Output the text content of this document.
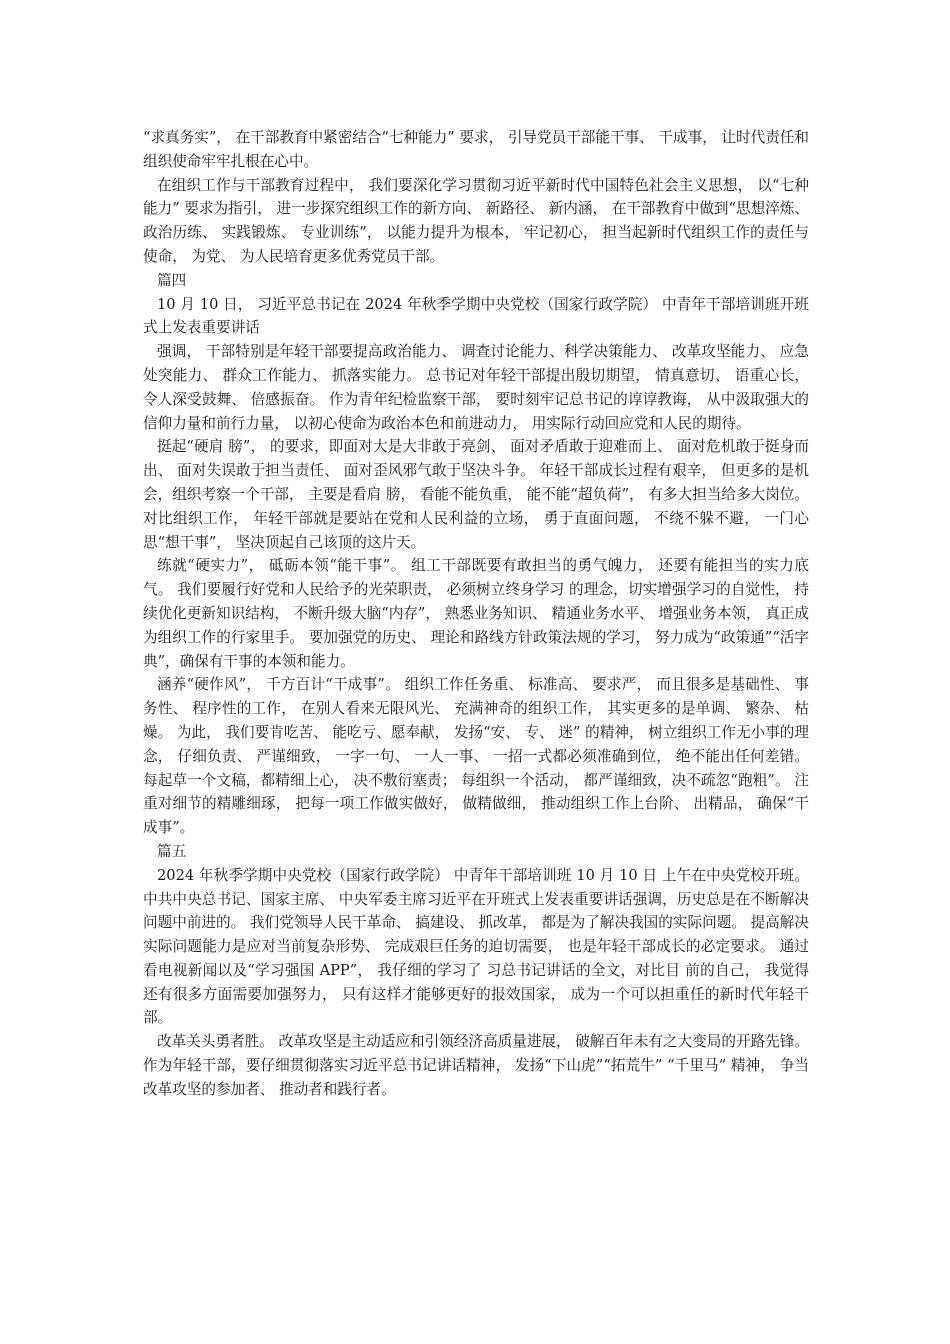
“求真务实”， 在干部教育中紧密结合“七种能力” 要求， 引导党员干部能干事、 干成事， 让时代责任和组织使命牢牢扎根在心中。

在组织工作与干部教育过程中， 我们要深化学习贯彻习近平新时代中国特色社会主义思想， 以“七种能力” 要求为指引， 进一步探究组织工作的新方向、 新路径、 新内涵， 在干部教育中做到“思想淬炼、 政治历练、 实践锻炼、 专业训练”， 以能力提升为根本， 牢记初心， 担当起新时代组织工作的责任与使命， 为党、 为人民培育更多优秀党员干部。

篇四

10 月 10 日， 习近平总书记在 2024 年秋季学期中央党校（国家行政学院） 中青年干部培训班开班式上发表重要讲话

强调， 干部特别是年轻干部要提高政治能力、 调查讨论能力、科学决策能力、 改革攻坚能力、 应急处突能力、 群众工作能力、 抓落实能力。 总书记对年轻干部提出殷切期望， 情真意切、 语重心长， 令人深受鼓舞、 倍感振奋。 作为青年纪检监察干部， 要时刻牢记总书记的谆谆教诲， 从中汲取强大的信仰力量和前行力量， 以初心使命为政治本色和前进动力， 用实际行动回应党和人民的期待。

挺起“硬肩 膀”， 的要求，即面对大是大非敢于亮剑、 面对矛盾敢于迎难而上、 面对危机敢于挺身而出、 面对失误敢于担当责任、 面对歪风邪气敢于坚决斗争。 年轻干部成长过程有艰辛， 但更多的是机会，组织考察一个干部， 主要是看肩 膀， 看能不能负重， 能不能“超负荷”， 有多大担当给多大岗位。 对比组织工作， 年轻干部就是要站在党和人民利益的立场， 勇于直面问题， 不绕不躲不避， 一门心思“想干事”， 坚决顶起自己该顶的这片天。

练就“硬实力”， 砥砺本领“能干事”。 组工干部既要有敢担当的勇气魄力， 还要有能担当的实力底气。 我们要履行好党和人民给予的光荣职责， 必须树立终身学习 的理念，切实增强学习的自觉性， 持续优化更新知识结构， 不断升级大脑“内存”， 熟悉业务知识、 精通业务水平、 增强业务本领， 真正成为组织工作的行家里手。 要加强党的历史、 理论和路线方针政策法规的学习， 努力成为“政策通”“活字典”，确保有干事的本领和能力。

涵养“硬作风”， 千方百计“干成事”。 组织工作任务重、 标准高、 要求严， 而且很多是基础性、 事务性、 程序性的工作， 在别人看来无限风光、 充满神奇的组织工作， 其实更多的是单调、 繁杂、 枯燥。 为此， 我们要肯吃苦、 能吃亏、愿奉献， 发扬“安、 专、 迷” 的精神， 树立组织工作无小事的理念， 仔细负责、 严谨细致， 一字一句、 一人一事、 一招一式都必须准确到位， 绝不能出任何差错。 每起草一个文稿，都精细上心， 决不敷衍塞责； 每组织一个活动， 都严谨细致，决不疏忽“跑粗”。 注重对细节的精雕细琢， 把每一项工作做实做好， 做精做细， 推动组织工作上台阶、 出精品， 确保“干成事”。

篇五

2024 年秋季学期中央党校（国家行政学院） 中青年干部培训班 10 月 10 日 上午在中央党校开班。 中共中央总书记、国家主席、 中央军委主席习近平在开班式上发表重要讲话强调，历史总是在不断解决问题中前进的。 我们党领导人民干革命、 搞建设、 抓改革， 都是为了解决我国的实际问题。 提高解决实际问题能力是应对当前复杂形势、 完成艰巨任务的迫切需要， 也是年轻干部成长的必定要求。 通过看电视新闻以及“学习强国 APP”， 我仔细的学习了 习总书记讲话的全文，对比目 前的自己， 我觉得还有很多方面需要加强努力， 只有这样才能够更好的报效国家， 成为一个可以担重任的新时代年轻干部。

改革关头勇者胜。 改革攻坚是主动适应和引领经济高质量进展， 破解百年未有之大变局的开路先锋。 作为年轻干部，要仔细贯彻落实习近平总书记讲话精神， 发扬“下山虎”“拓荒牛” “千里马” 精神， 争当改革攻坚的参加者、 推动者和践行者。
